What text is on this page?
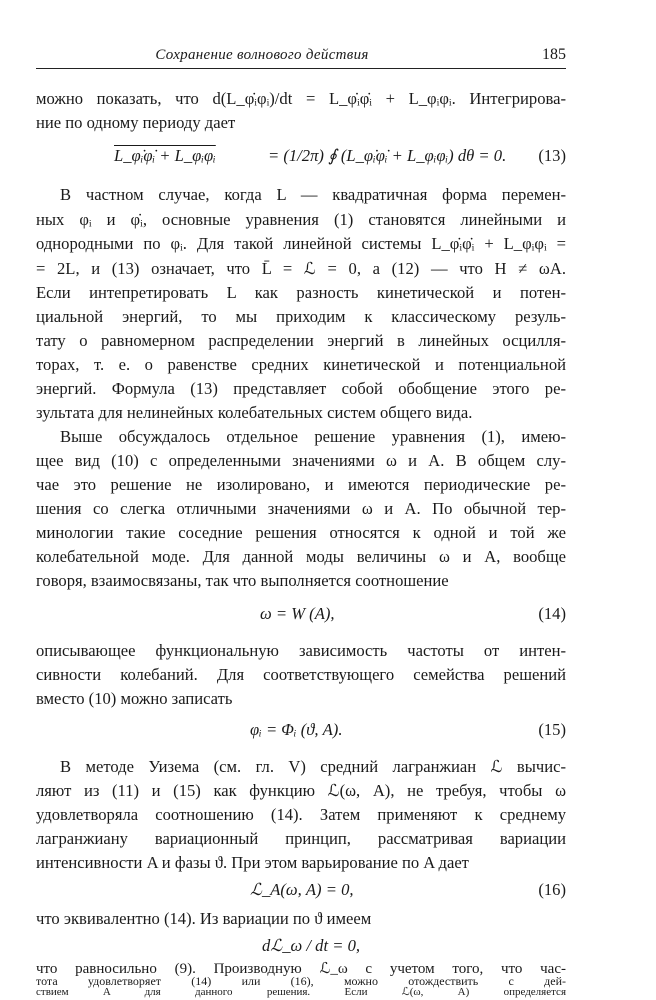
Сохранение волнового действия	185
можно показать, что d(L_φ̇ᵢφᵢ)/dt = L_φ̇ᵢφ̇ᵢ + L_φᵢφᵢ. Интегрирова-
ние по одному периоду дает
L_φ̇ᵢφ̇ᵢ + L_φᵢφᵢ	= (1/2π) ∮ (L_φ̇ᵢφ̇ᵢ + L_φᵢφᵢ) dθ = 0. (13)
В частном случае, когда L — квадратичная форма перемен-
ных φᵢ и φ̇ᵢ, основные уравнения (1) становятся линейными и
однородными по φᵢ. Для такой линейной системы L_φ̇ᵢφ̇ᵢ + L_φᵢφᵢ =
= 2L, и (13) означает, что L̄ = ℒ = 0, а (12) — что H ≠ ωA.
Если интепретировать L как разность кинетической и потен-
циальной энергий, то мы приходим к классическому резуль-
тату о равномерном распределении энергий в линейных осцилля-
торах, т. е. о равенстве средних кинетической и потенциальной
энергий. Формула (13) представляет собой обобщение этого ре-
зультата для нелинейных колебательных систем общего вида.
Выше обсуждалось отдельное решение уравнения (1), имею-
щее вид (10) с определенными значениями ω и A. В общем слу-
чае это решение не изолировано, и имеются периодические ре-
шения со слегка отличными значениями ω и A. По обычной тер-
минологии такие соседние решения относятся к одной и той же
колебательной моде. Для данной моды величины ω и A, вообще
говоря, взаимосвязаны, так что выполняется соотношение
ω = W (A),	(14)
описывающее функциональную зависимость частоты от интен-
сивности колебаний. Для соответствующего семейства решений
вместо (10) можно записать
φᵢ = Φᵢ (ϑ, A).	(15)
В методе Уизема (см. гл. V) средний лагранжиан ℒ вычис-
ляют из (11) и (15) как функцию ℒ(ω, A), не требуя, чтобы ω
удовлетворяла соотношению (14). Затем применяют к среднему
лагранжиану вариационный принцип, рассматривая вариации
интенсивности A и фазы ϑ. При этом варьирование по A дает
ℒ_A(ω, A) = 0,	(16)
что эквивалентно (14). Из вариации по ϑ имеем
dℒ_ω / dt = 0,
что равносильно (9). Производную ℒ_ω с учетом того, что час-
тота удовлетворяет (14) или (16), можно отождествить с дей-
ствием A для данного решения. Если ℒ(ω, A) определяется
